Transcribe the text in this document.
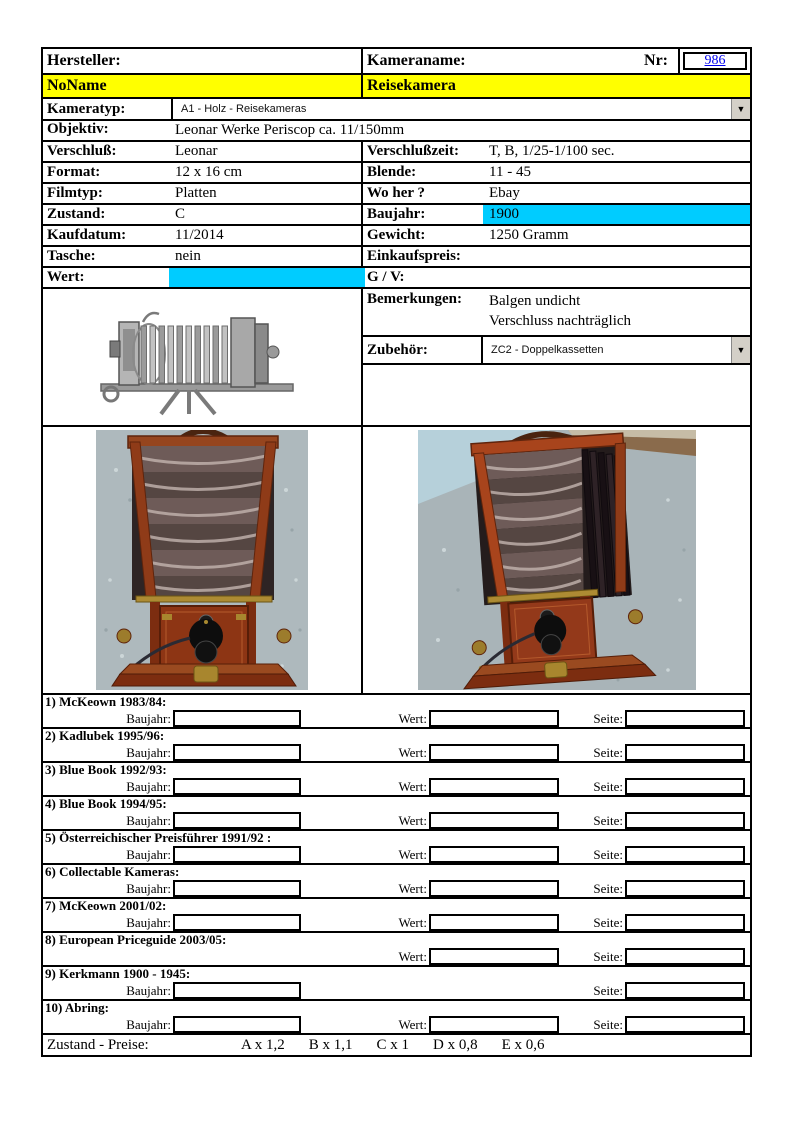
Hersteller:	Kameraname:	Nr:	986
NoName	Reisekamera
Kameratyp:	A1 - Holz - Reisekameras	▼
Objektiv:	Leonar Werke Periscop ca. 11/150mm
Verschluß:	Leonar	Verschlußzeit:	T, B, 1/25-1/100 sec.
Format:	12 x 16 cm	Blende:	11 - 45
Filmtyp:	Platten	Wo her ?	Ebay
Zustand:	C	Baujahr:	1900
Kaufdatum:	11/2014	Gewicht:	1250 Gramm
Tasche:	nein	Einkaufspreis:
Wert:	G / V:
Bemerkungen:	Balgen undicht
Verschluss nachträglich
Zubehör:	ZC2 - Doppelkassetten	▼
1) McKeown 1983/84:
Baujahr:	Wert:	Seite:
2) Kadlubek 1995/96:
Baujahr:	Wert:	Seite:
3) Blue Book 1992/93:
Baujahr:	Wert:	Seite:
4) Blue Book 1994/95:
Baujahr:	Wert:	Seite:
5) Österreichischer Preisführer 1991/92 :
Baujahr:	Wert:	Seite:
6) Collectable Kameras:
Baujahr:	Wert:	Seite:
7) McKeown 2001/02:
Baujahr:	Wert:	Seite:
8) European Priceguide 2003/05:
Wert:	Seite:
9) Kerkmann 1900 - 1945:
Baujahr:	Seite:
10) Abring:
Baujahr:	Wert:	Seite:
Zustand - Preise:	A x 1,2 B x 1,1 C x 1 D x 0,8 E x 0,6
